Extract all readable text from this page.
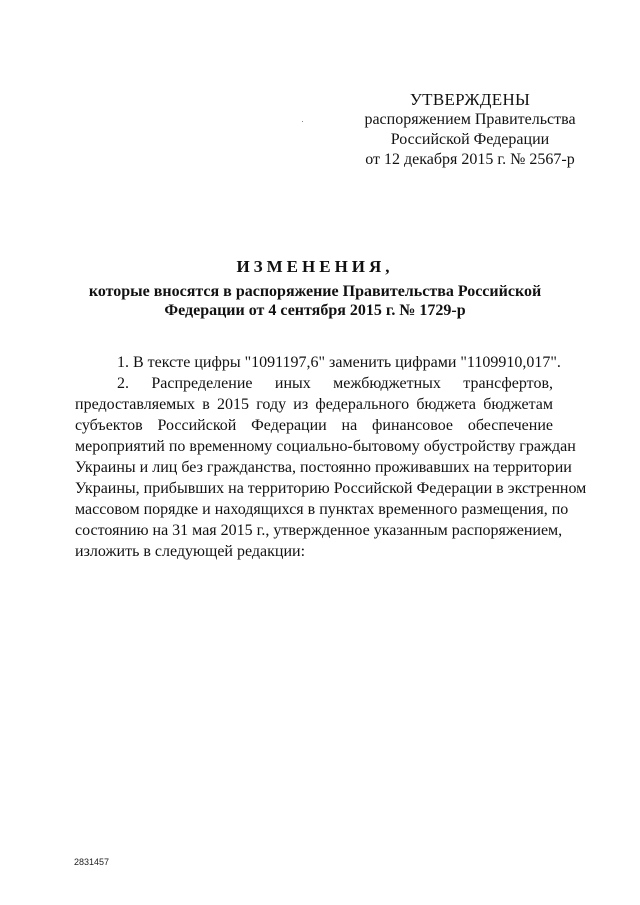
УТВЕРЖДЕНЫ
распоряжением Правительства
Российской Федерации
от 12 декабря 2015 г. № 2567-р
ИЗМЕНЕНИЯ,
которые вносятся в распоряжение Правительства Российской
Федерации от 4 сентября 2015 г. № 1729-р
1. В тексте цифры "1091197,6" заменить цифрами "1109910,017".
2. Распределение иных межбюджетных трансфертов,
предоставляемых в 2015 году из федерального бюджета бюджетам
субъектов Российской Федерации на финансовое обеспечение
мероприятий по временному социально-бытовому обустройству граждан
Украины и лиц без гражданства, постоянно проживавших на территории
Украины, прибывших на территорию Российской Федерации в экстренном
массовом порядке и находящихся в пунктах временного размещения, по
состоянию на 31 мая 2015 г., утвержденное указанным распоряжением,
изложить в следующей редакции:
2831457
